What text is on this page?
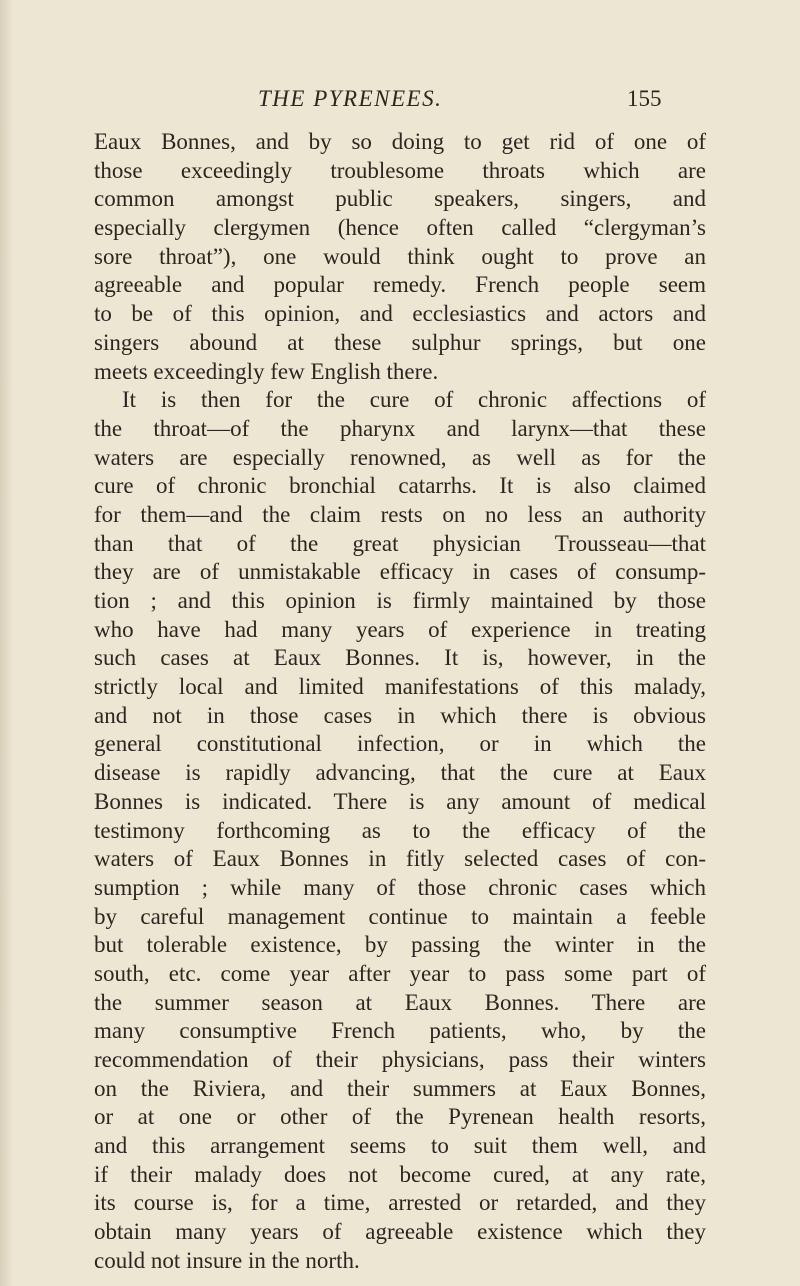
THE PYRENEES.	155
Eaux Bonnes, and by so doing to get rid of one of
those exceedingly troublesome throats which are
common amongst public speakers, singers, and
especially clergymen (hence often called “clergyman’s
sore throat”), one would think ought to prove an
agreeable and popular remedy. French people seem
to be of this opinion, and ecclesiastics and actors and
singers abound at these sulphur springs, but one
meets exceedingly few English there.
It is then for the cure of chronic affections of
the throat—of the pharynx and larynx—that these
waters are especially renowned, as well as for the
cure of chronic bronchial catarrhs. It is also claimed
for them—and the claim rests on no less an authority
than that of the great physician Trousseau—that
they are of unmistakable efficacy in cases of consump-
tion ; and this opinion is firmly maintained by those
who have had many years of experience in treating
such cases at Eaux Bonnes. It is, however, in the
strictly local and limited manifestations of this malady,
and not in those cases in which there is obvious
general constitutional infection, or in which the
disease is rapidly advancing, that the cure at Eaux
Bonnes is indicated. There is any amount of medical
testimony forthcoming as to the efficacy of the
waters of Eaux Bonnes in fitly selected cases of con-
sumption ; while many of those chronic cases which
by careful management continue to maintain a feeble
but tolerable existence, by passing the winter in the
south, etc. come year after year to pass some part of
the summer season at Eaux Bonnes. There are
many consumptive French patients, who, by the
recommendation of their physicians, pass their winters
on the Riviera, and their summers at Eaux Bonnes,
or at one or other of the Pyrenean health resorts,
and this arrangement seems to suit them well, and
if their malady does not become cured, at any rate,
its course is, for a time, arrested or retarded, and they
obtain many years of agreeable existence which they
could not insure in the north.
